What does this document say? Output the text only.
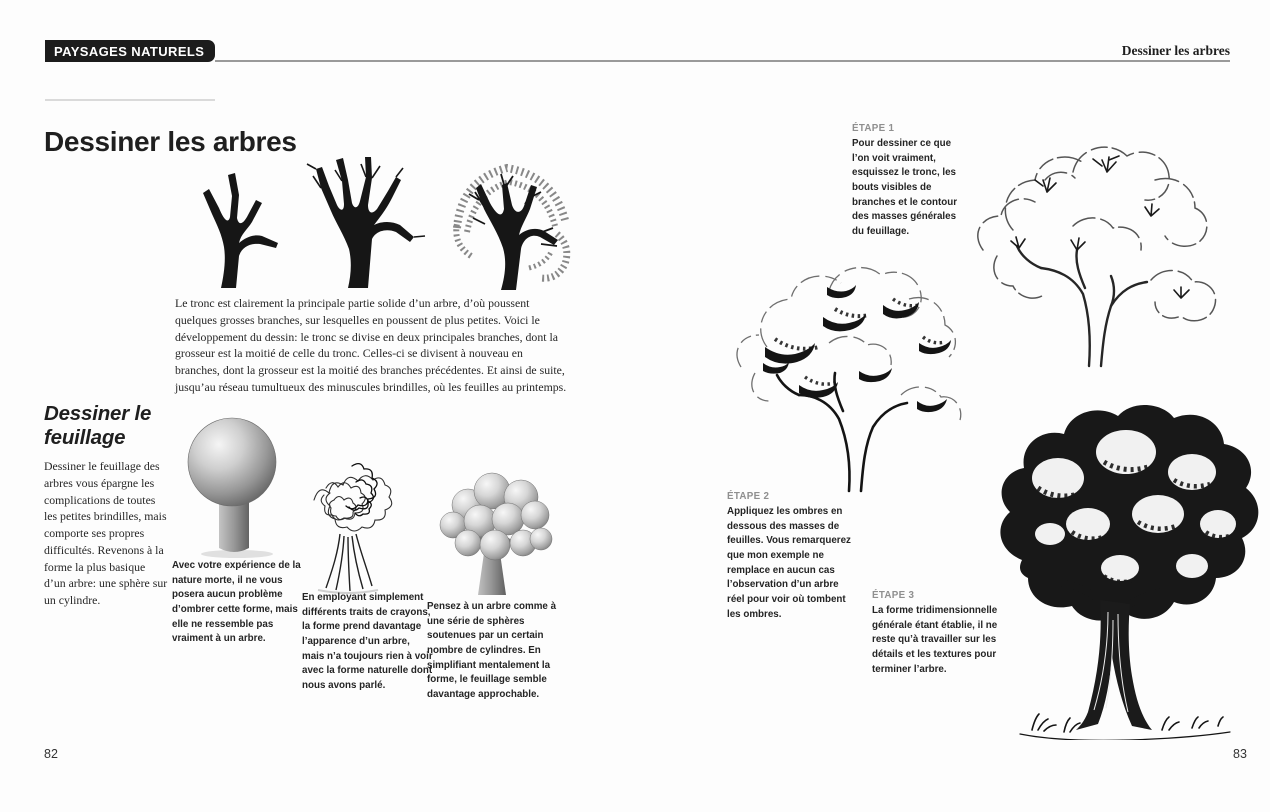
PAYSAGES NATURELS	Dessiner les arbres
Dessiner les arbres

Le tronc est clairement la principale partie solide d’un arbre, d’où poussent quelques grosses branches, sur lesquelles en poussent de plus petites. Voici le développement du dessin: le tronc se divise en deux principales branches, dont la grosseur est la moitié de celle du tronc. Celles-ci se divisent à nouveau en branches, dont la grosseur est la moitié des branches précédentes. Et ainsi de suite, jusqu’au réseau tumultueux des minuscules brindilles, où les feuilles au printemps.

Dessiner le feuillage

Dessiner le feuillage des arbres vous épargne les complications de toutes les petites brindilles, mais comporte ses propres difficultés. Revenons à la forme la plus basique d’un arbre: une sphère sur un cylindre.

Avec votre expérience de la nature morte, il ne vous posera aucun problème d’ombrer cette forme, mais elle ne ressemble pas vraiment à un arbre.
En employant simplement différents traits de crayons, la forme prend davantage l’apparence d’un arbre, mais n’a toujours rien à voir avec la forme naturelle dont nous avons parlé.
Pensez à un arbre comme à une série de sphères soutenues par un certain nombre de cylindres. En simplifiant mentalement la forme, le feuillage semble davantage approchable.
ÉTAPE 1
Pour dessiner ce que l’on voit vraiment, esquissez le tronc, les bouts visibles de branches et le contour des masses générales du feuillage.
ÉTAPE 2
Appliquez les ombres en dessous des masses de feuilles. Vous remarquerez que mon exemple ne remplace en aucun cas l’observation d’un arbre réel pour voir où tombent les ombres.
ÉTAPE 3
La forme tridimensionnelle générale étant établie, il ne reste qu’à travailler sur les détails et les textures pour terminer l’arbre.
82	83
